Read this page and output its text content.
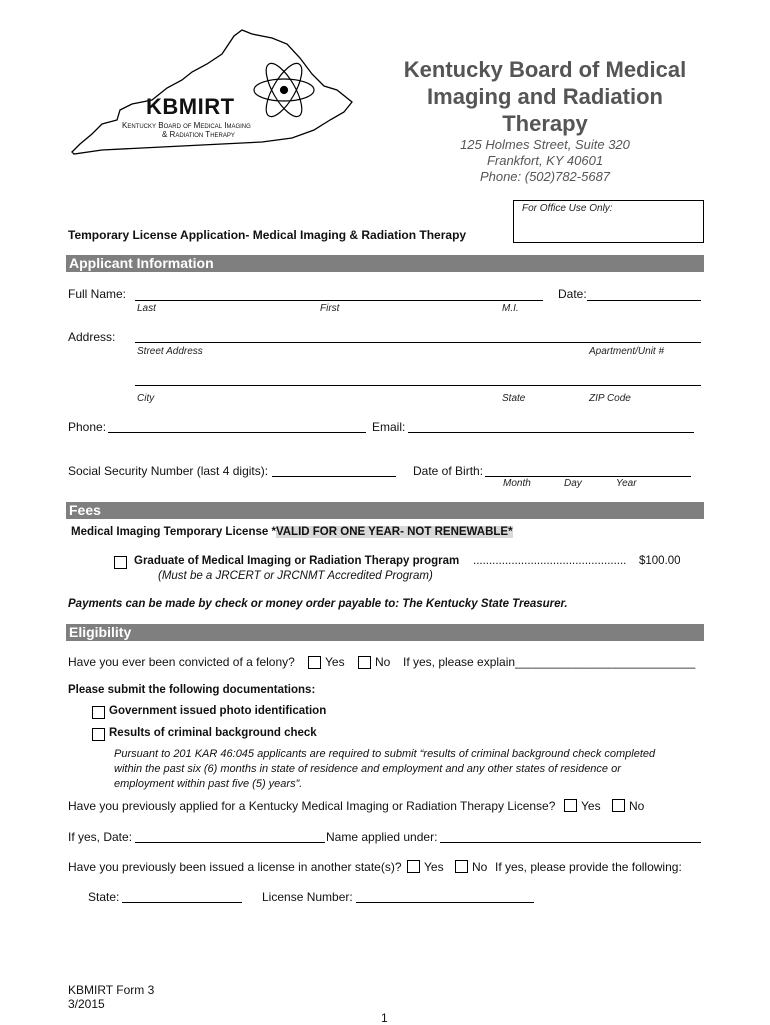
KBMIRT
Kentucky Board of Medical Imaging
& Radiation Therapy
Kentucky Board of Medical
Imaging and Radiation
Therapy
125 Holmes Street, Suite 320
Frankfort, KY 40601
Phone: (502)782-5687
For Office Use Only:
Temporary License Application- Medical Imaging & Radiation Therapy
Applicant Information
Full Name:	Date:
Last	First	M.I.
Address:
Street Address	Apartment/Unit #
City	State	ZIP Code
Phone:	Email:
Social Security Number (last 4 digits):	Date of Birth:
Month	Day	Year
Fees
Medical Imaging Temporary License *VALID FOR ONE YEAR- NOT RENEWABLE*
Graduate of Medical Imaging or Radiation Therapy program ................................................ $100.00
(Must be a JRCERT or JRCNMT Accredited Program)
Payments can be made by check or money order payable to: The Kentucky State Treasurer.
Eligibility
Have you ever been convicted of a felony?	Yes	No If yes, please explain___________________________
Please submit the following documentations:
Government issued photo identification
Results of criminal background check
Pursuant to 201 KAR 46:045 applicants are required to submit “results of criminal background check completed
within the past six (6) months in state of residence and employment and any other states of residence or
employment within past five (5) years”.
Have you previously applied for a Kentucky Medical Imaging or Radiation Therapy License? Yes No
If yes, Date:	Name applied under:
Have you previously been issued a license in another state(s)? Yes No If yes, please provide the following:
State:	License Number:
KBMIRT Form 3
3/2015
1
